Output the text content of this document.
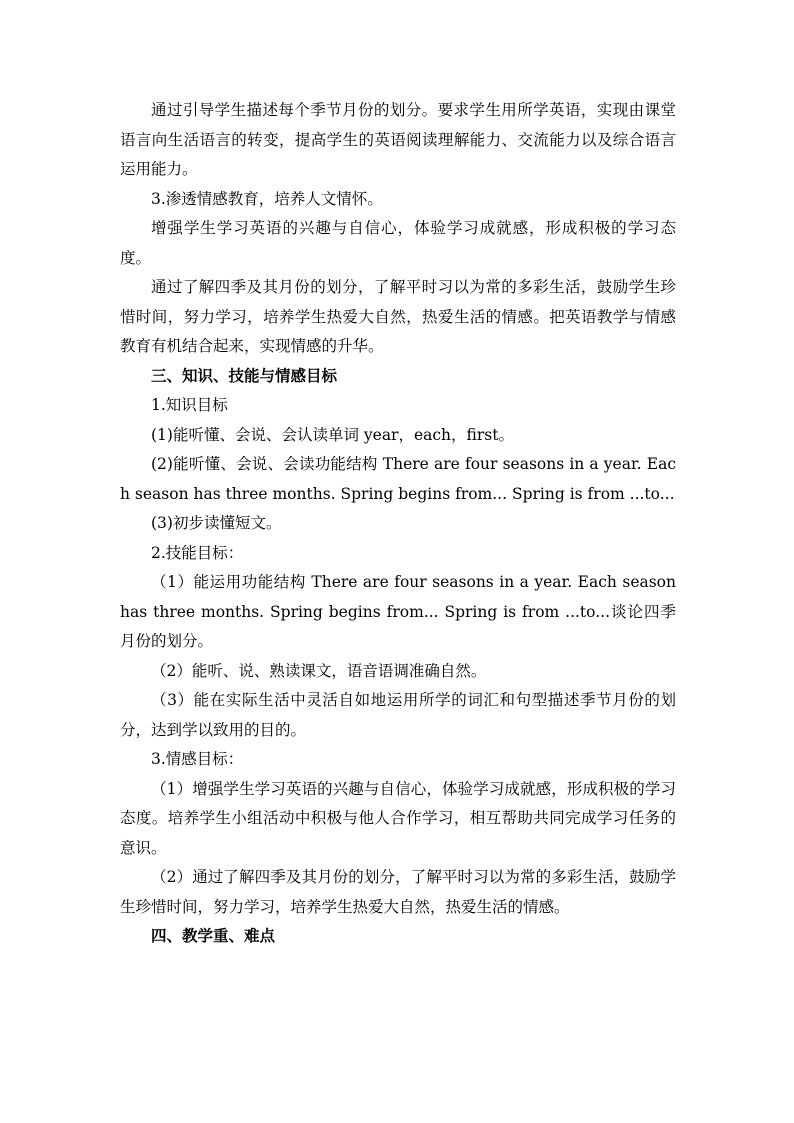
通过引导学生描述每个季节月份的划分。要求学生用所学英语，实现由课堂语言向生活语言的转变，提高学生的英语阅读理解能力、交流能力以及综合语言运用能力。

3.渗透情感教育，培养人文情怀。

增强学生学习英语的兴趣与自信心，体验学习成就感，形成积极的学习态度。

通过了解四季及其月份的划分，了解平时习以为常的多彩生活，鼓励学生珍惜时间，努力学习，培养学生热爱大自然，热爱生活的情感。把英语教学与情感教育有机结合起来，实现情感的升华。

三、知识、技能与情感目标

1.知识目标

(1)能听懂、会说、会认读单词 year，each，first。

(2)能听懂、会说、会读功能结构 There are four seasons in a year. Each season has three months. Spring begins from... Spring is from ...to...

(3)初步读懂短文。

2.技能目标：

（1）能运用功能结构 There are four seasons in a year. Each season has three months. Spring begins from... Spring is from ...to...谈论四季月份的划分。

（2）能听、说、熟读课文，语音语调准确自然。

（3）能在实际生活中灵活自如地运用所学的词汇和句型描述季节月份的划分，达到学以致用的目的。

3.情感目标：

（1）增强学生学习英语的兴趣与自信心，体验学习成就感，形成积极的学习态度。培养学生小组活动中积极与他人合作学习，相互帮助共同完成学习任务的意识。

（2）通过了解四季及其月份的划分，了解平时习以为常的多彩生活，鼓励学生珍惜时间，努力学习，培养学生热爱大自然，热爱生活的情感。

四、教学重、难点
